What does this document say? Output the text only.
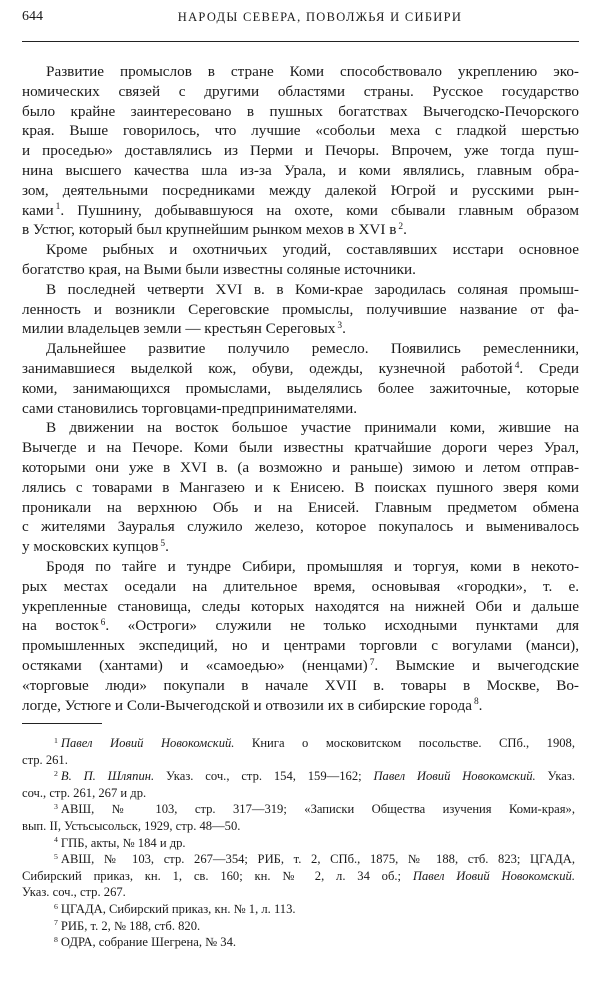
644	НАРОДЫ СЕВЕРА, ПОВОЛЖЬЯ И СИБИРИ
Развитие промыслов в стране Коми способствовало укреплению эко-
номических связей с другими областями страны. Русское государство
было крайне заинтересовано в пушных богатствах Вычегодско-Печорского
края. Выше говорилось, что лучшие «собольи меха с гладкой шерстью
и проседью» доставлялись из Перми и Печоры. Впрочем, уже тогда пуш-
нина высшего качества шла из-за Урала, и коми являлись, главным обра-
зом, деятельными посредниками между далекой Югрой и русскими рын-
ками $^1$. Пушнину, добывавшуюся на охоте, коми сбывали главным образом
в Устюг, который был крупнейшим рынком мехов в XVI в $^2$.
Кроме рыбных и охотничьих угодий, составлявших исстари основное
богатство края, на Выми были известны соляные источники.
В последней четверти XVI в. в Коми-крае зародилась соляная промыш-
ленность и возникли Сереговские промыслы, получившие название от фа-
милии владельцев земли — крестьян Сереговых $^3$.
Дальнейшее развитие получило ремесло. Появились ремесленники,
занимавшиеся выделкой кож, обуви, одежды, кузнечной работой $^4$. Среди
коми, занимающихся промыслами, выделялись более зажиточные, которые
сами становились торговцами-предпринимателями.
В движении на восток большое участие принимали коми, жившие на
Вычегде и на Печоре. Коми были известны кратчайшие дороги через Урал,
которыми они уже в XVI в. (а возможно и раньше) зимою и летом отправ-
лялись с товарами в Мангазею и к Енисею. В поисках пушного зверя коми
проникали на верхнюю Обь и на Енисей. Главным предметом обмена
с жителями Зауралья служило железо, которое покупалось и выменивалось
у московских купцов $^5$.
Бродя по тайге и тундре Сибири, промышляя и торгуя, коми в некото-
рых местах оседали на длительное время, основывая «городки», т. е.
укрепленные становища, следы которых находятся на нижней Оби и дальше
на восток $^6$. «Остроги» служили не только исходными пунктами для
промышленных экспедиций, но и центрами торговли с вогулами (манси),
остяками (хантами) и «самоедью» (ненцами) $^7$. Вымские и вычегодские
«торговые люди» покупали в начале XVII в. товары в Москве, Во-
логде, Устюге и Соли-Вычегодской и отвозили их в сибирские города $^8$.
$^1$ Павел Иовий Новокомский. Книга о московитском посольстве. СПб., 1908,
стр. 261.
$^2$ В. П. Шляпин. Указ. соч., стр. 154, 159—162; Павел Иовий Новокомский. Указ.
соч., стр. 261, 267 и др.
$^3$ АВШ, № 103, стр. 317—319; «Записки Общества изучения Коми-края»,
вып. II, Устьсысольск, 1929, стр. 48—50.
$^4$ ГПБ, акты, № 184 и др.
$^5$ АВШ, № 103, стр. 267—354; РИБ, т. 2, СПб., 1875, № 188, стб. 823; ЦГАДА,
Сибирский приказ, кн. 1, св. 160; кн. № 2, л. 34 об.; Павел Иовий Новокомский.
Указ. соч., стр. 267.
$^6$ ЦГАДА, Сибирский приказ, кн. № 1, л. 113.
$^7$ РИБ, т. 2, № 188, стб. 820.
$^8$ ОДРА, собрание Шегрена, № 34.
